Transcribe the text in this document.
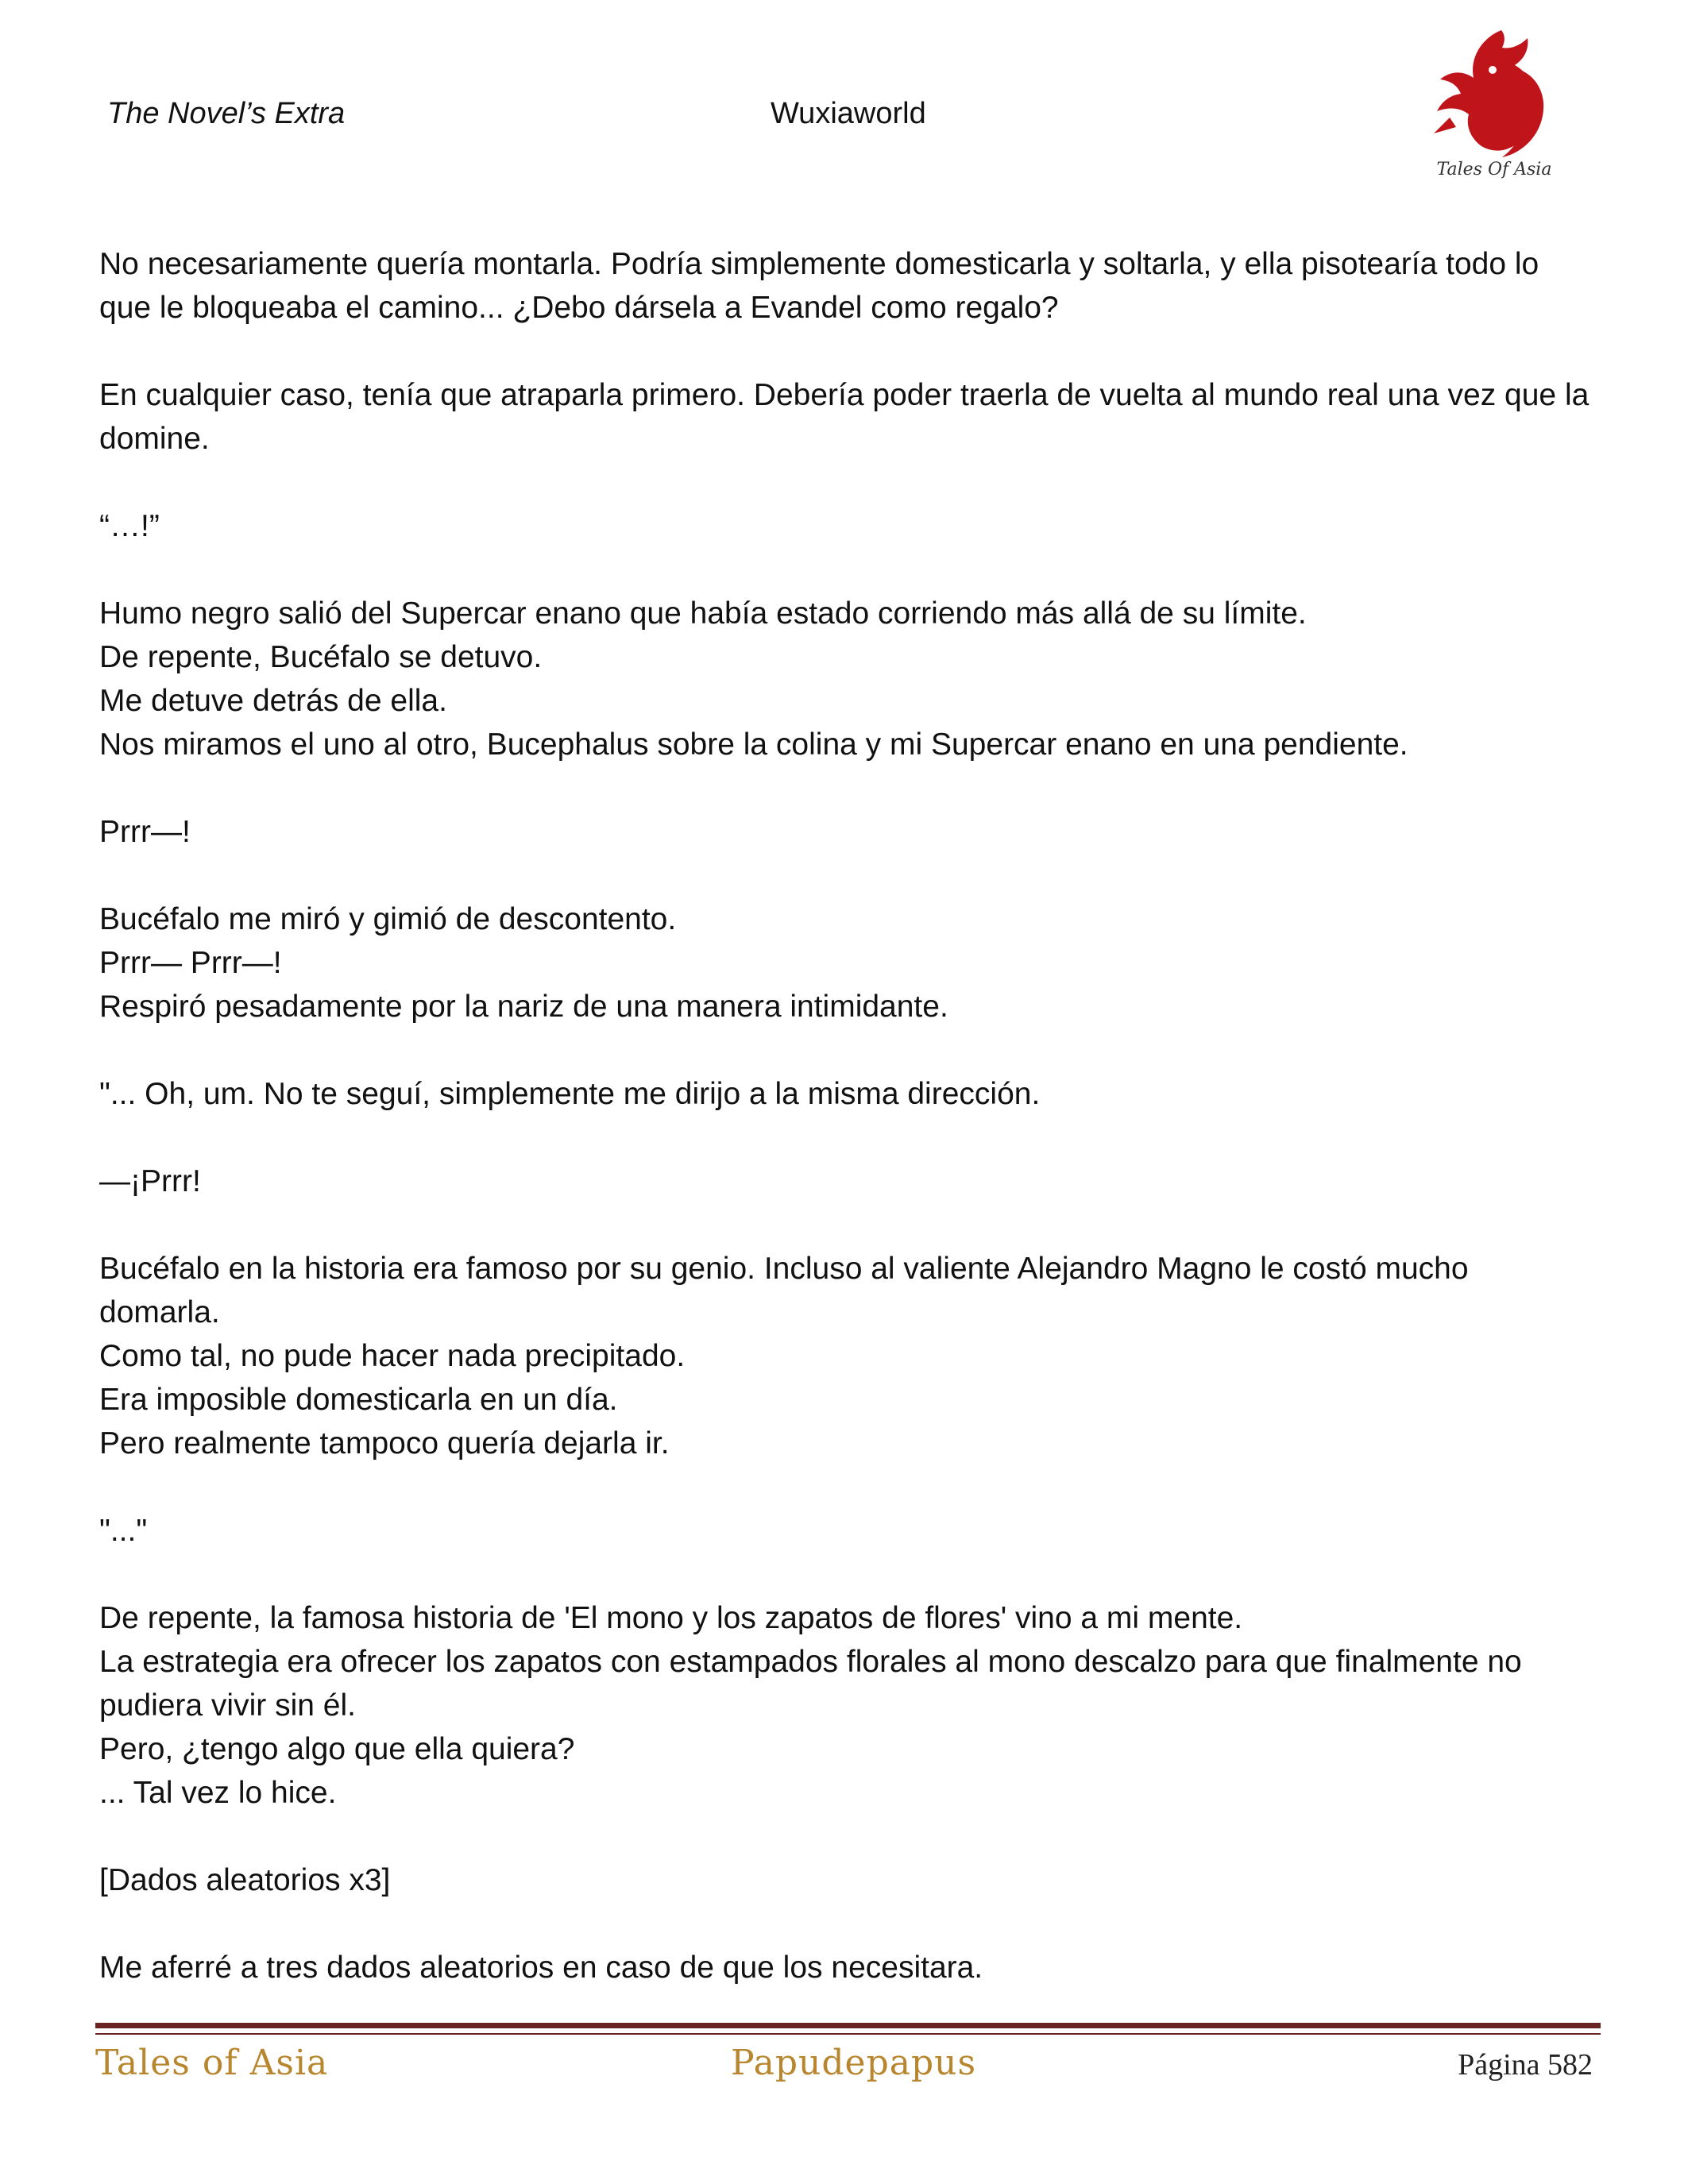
The Novel’s Extra	Wuxiaworld
Tales Of Asia

No necesariamente quería montarla. Podría simplemente domesticarla y soltarla, y ella pisotearía todo lo que le bloqueaba el camino... ¿Debo dársela a Evandel como regalo?

En cualquier caso, tenía que atraparla primero. Debería poder traerla de vuelta al mundo real una vez que la domine.

“…!”

Humo negro salió del Supercar enano que había estado corriendo más allá de su límite.
De repente, Bucéfalo se detuvo.
Me detuve detrás de ella.
Nos miramos el uno al otro, Bucephalus sobre la colina y mi Supercar enano en una pendiente.

Prrr—!

Bucéfalo me miró y gimió de descontento.
Prrr— Prrr—!
Respiró pesadamente por la nariz de una manera intimidante.

"... Oh, um. No te seguí, simplemente me dirijo a la misma dirección.

—¡Prrr!

Bucéfalo en la historia era famoso por su genio. Incluso al valiente Alejandro Magno le costó mucho domarla.
Como tal, no pude hacer nada precipitado.
Era imposible domesticarla en un día.
Pero realmente tampoco quería dejarla ir.

"..."

De repente, la famosa historia de 'El mono y los zapatos de flores' vino a mi mente.
La estrategia era ofrecer los zapatos con estampados florales al mono descalzo para que finalmente no pudiera vivir sin él.
Pero, ¿tengo algo que ella quiera?
... Tal vez lo hice.

[Dados aleatorios x3]

Me aferré a tres dados aleatorios en caso de que los necesitara.

Tales of Asia	Papudepapus	Página 582
